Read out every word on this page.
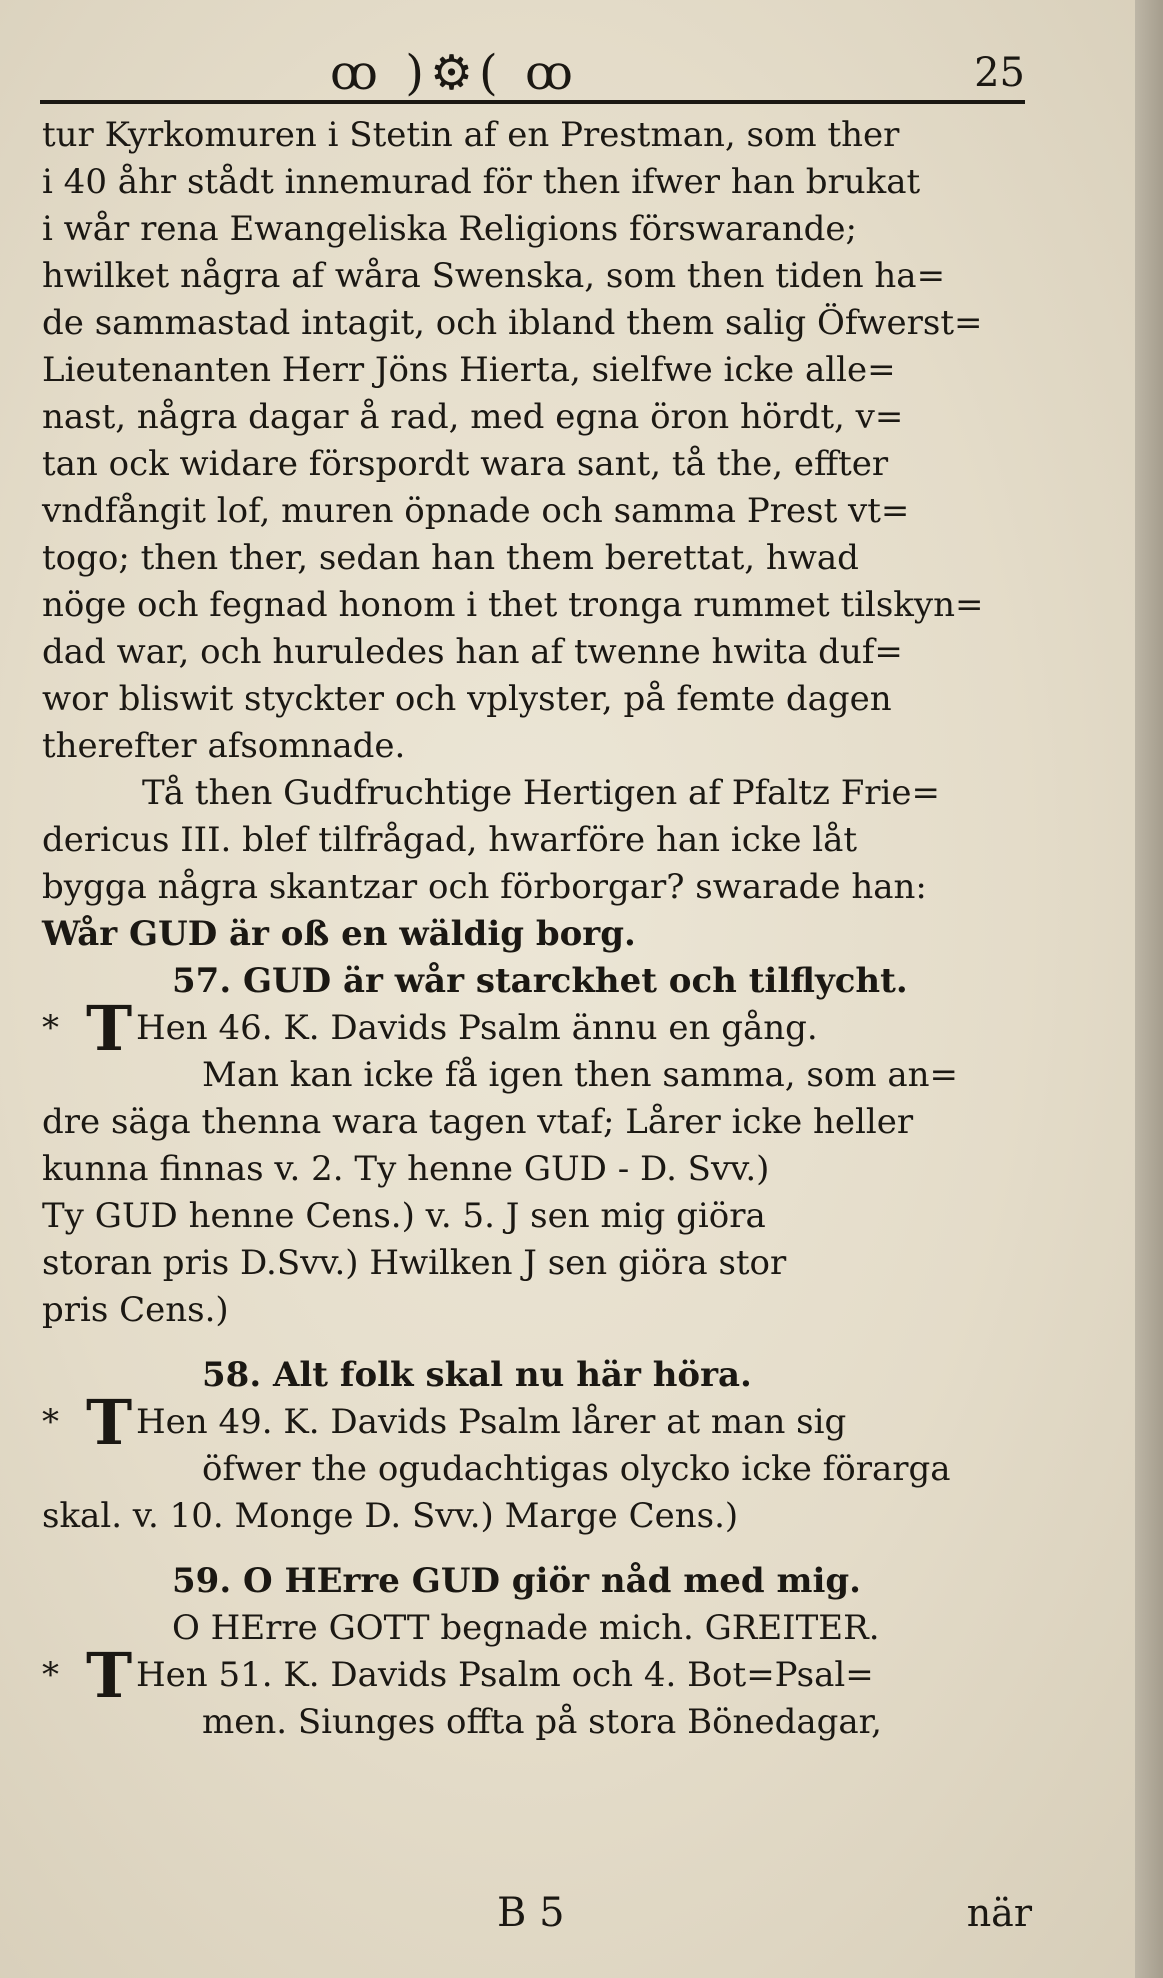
ꝏ )⚙( ꝏ	25
tur Kyrkomuren i Stetin af en Prestman, som ther
i 40 åhr stådt innemurad för then ifwer han brukat
i wår rena Ewangeliska Religions förswarande;
hwilket några af wåra Swenska, som then tiden ha=
de sammastad intagit, och ibland them salig Öfwerst=
Lieutenanten Herr Jöns Hierta, sielfwe icke alle=
nast, några dagar å rad, med egna öron hördt, v=
tan ock widare förspordt wara sant, tå the, effter
vndfångit lof, muren öpnade och samma Prest vt=
togo; then ther, sedan han them berettat, hwad
nöge och fegnad honom i thet tronga rummet tilskyn=
dad war, och huruledes han af twenne hwita duf=
wor bliswit styckter och vplyster, på femte dagen
therefter afsomnade.
Tå then Gudfruchtige Hertigen af Pfaltz Frie=
dericus III. blef tilfrågad, hwarföre han icke låt
bygga några skantzar och förborgar? swarade han:
Wår GUD är oß en wäldig borg.
57. GUD är wår starckhet och tilflycht.
* T Hen 46. K. Davids Psalm ännu en gång.
Man kan icke få igen then samma, som an=
dre säga thenna wara tagen vtaf; Lårer icke heller
kunna finnas v. 2. Ty henne GUD - D. Svv.)
Ty GUD henne Cens.) v. 5. J sen mig giöra
storan pris D.Svv.) Hwilken J sen giöra stor
pris Cens.)
58. Alt folk skal nu här höra.
* T Hen 49. K. Davids Psalm lårer at man sig
öfwer the ogudachtigas olycko icke förarga
skal. v. 10. Monge D. Svv.) Marge Cens.)
59. O HErre GUD giör nåd med mig.
O HErre GOTT begnade mich. GREITER.
* T Hen 51. K. Davids Psalm och 4. Bot=Psal=
men. Siunges offta på stora Bönedagar,
B 5	när
